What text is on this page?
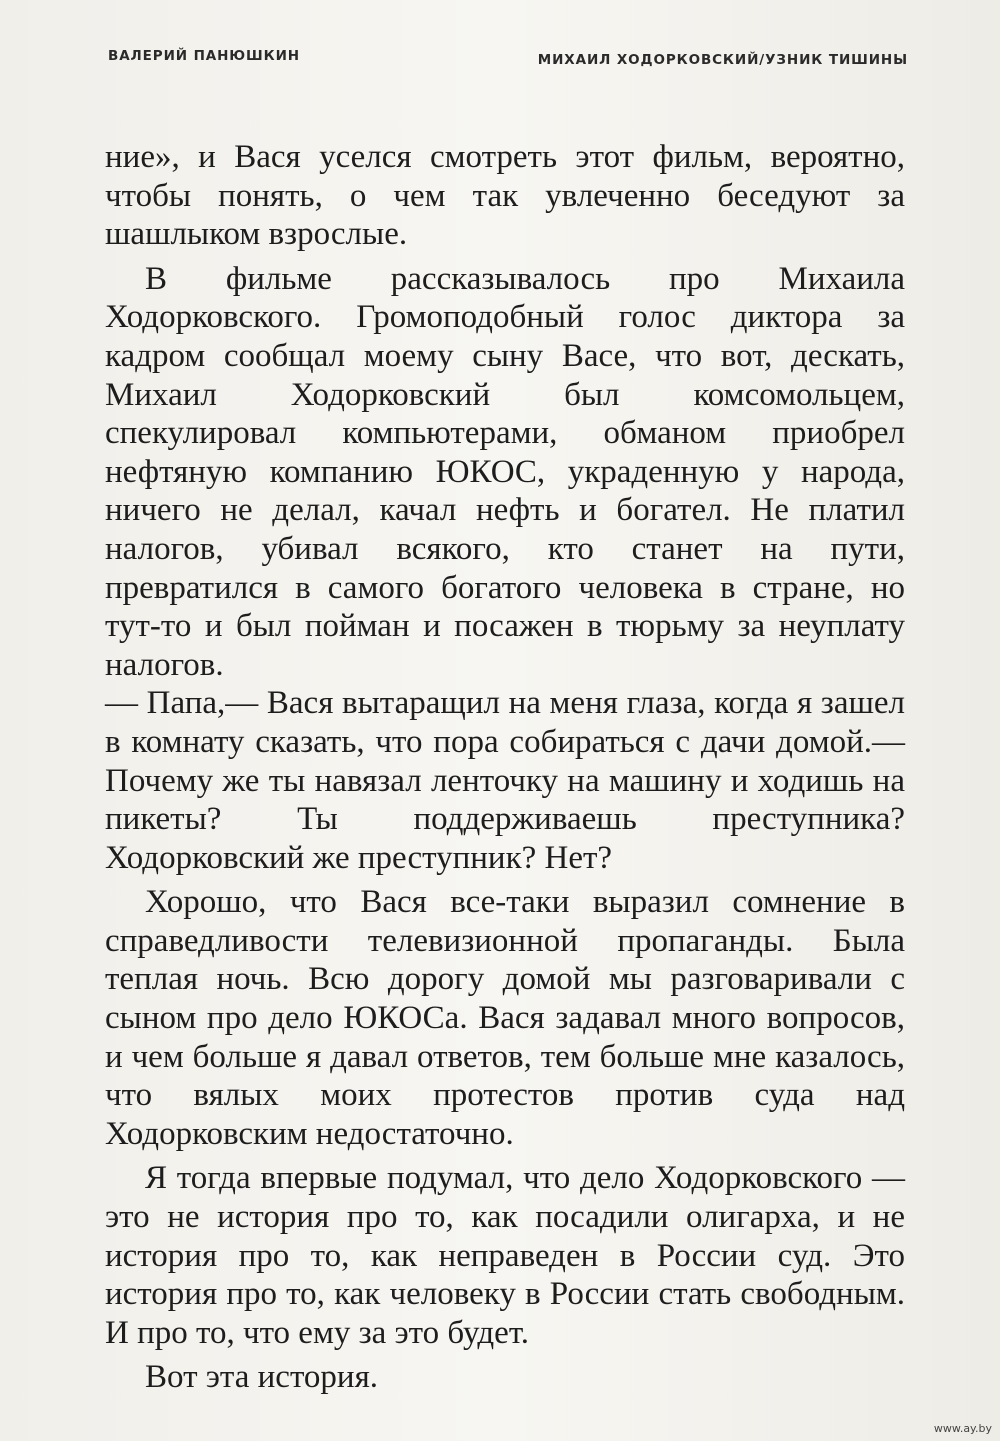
ВАЛЕРИЙ ПАНЮШКИН	МИХАИЛ ХОДОРКОВСКИЙ/УЗНИК ТИШИНЫ

ние», и Вася уселся смотреть этот фильм, вероятно, чтобы понять, о чем так увлеченно беседуют за шашлыком взрослые.

В фильме рассказывалось про Михаила Ходорковского. Громоподобный голос диктора за кадром сообщал моему сыну Васе, что вот, дескать, Михаил Ходорковский был комсомольцем, спекулировал компьютерами, обманом приобрел нефтяную компанию ЮКОС, украденную у народа, ничего не делал, качал нефть и богател. Не платил налогов, убивал всякого, кто станет на пути, превратился в самого богатого человека в стране, но тут-то и был пойман и посажен в тюрьму за неуплату налогов.

— Папа,— Вася вытаращил на меня глаза, когда я зашел в комнату сказать, что пора собираться с дачи домой.— Почему же ты навязал ленточку на машину и ходишь на пикеты? Ты поддерживаешь преступника? Ходорковский же преступник? Нет?

Хорошо, что Вася все-таки выразил сомнение в справедливости телевизионной пропаганды. Была теплая ночь. Всю дорогу домой мы разговаривали с сыном про дело ЮКОСа. Вася задавал много вопросов, и чем больше я давал ответов, тем больше мне казалось, что вялых моих протестов против суда над Ходорковским недостаточно.

Я тогда впервые подумал, что дело Ходорковского — это не история про то, как посадили олигарха, и не история про то, как неправеден в России суд. Это история про то, как человеку в России стать свободным. И про то, что ему за это будет.

Вот эта история.

www.ay.by
